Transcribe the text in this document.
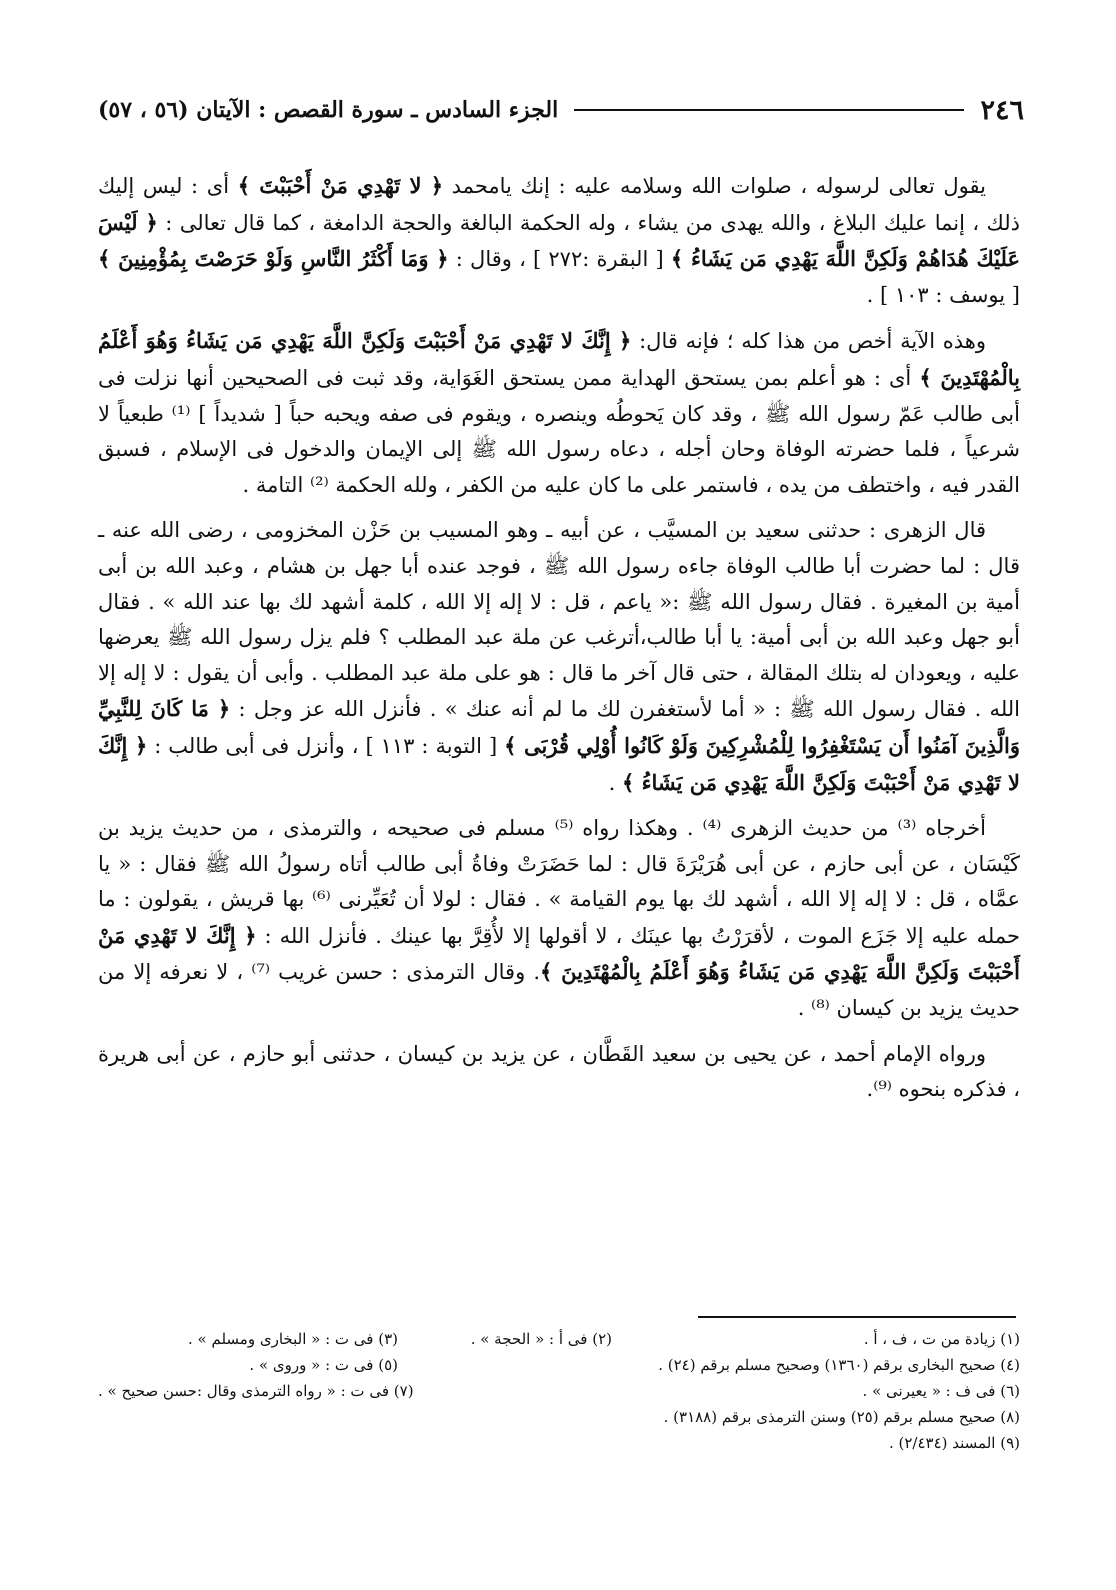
٢٤٦
الجزء السادس ـ سورة القصص : الآيتان (٥٦ ، ٥٧)

يقول تعالى لرسوله ، صلوات الله وسلامه عليه : إنك يامحمد ﴿ لا تَهْدِي مَنْ أَحْبَبْتَ ﴾ أى : ليس إليك ذلك ، إنما عليك البلاغ ، والله يهدى من يشاء ، وله الحكمة البالغة والحجة الدامغة ، كما قال تعالى : ﴿ لَيْسَ عَلَيْكَ هُدَاهُمْ وَلَكِنَّ اللَّهَ يَهْدِي مَن يَشَاءُ ﴾ [ البقرة :٢٧٢ ] ، وقال : ﴿ وَمَا أَكْثَرُ النَّاسِ وَلَوْ حَرَصْتَ بِمُؤْمِنِينَ ﴾ [ يوسف : ١٠٣ ] .

وهذه الآية أخص من هذا كله ؛ فإنه قال: ﴿ إِنَّكَ لا تَهْدِي مَنْ أَحْبَبْتَ وَلَكِنَّ اللَّهَ يَهْدِي مَن يَشَاءُ وَهُوَ أَعْلَمُ بِالْمُهْتَدِينَ ﴾ أى : هو أعلم بمن يستحق الهداية ممن يستحق الغَوَاية، وقد ثبت فى الصحيحين أنها نزلت فى أبى طالب عَمّ رسول الله ﷺ ، وقد كان يَحوطُه وينصره ، ويقوم فى صفه ويحبه حباً [ شديداً ] ⁽¹⁾ طبعياً لا شرعياً ، فلما حضرته الوفاة وحان أجله ، دعاه رسول الله ﷺ إلى الإيمان والدخول فى الإسلام ، فسبق القدر فيه ، واختطف من يده ، فاستمر على ما كان عليه من الكفر ، ولله الحكمة ⁽²⁾ التامة .

قال الزهرى : حدثنى سعيد بن المسيَّب ، عن أبيه ـ وهو المسيب بن حَزْن المخزومى ، رضى الله عنه ـ قال : لما حضرت أبا طالب الوفاة جاءه رسول الله ﷺ ، فوجد عنده أبا جهل بن هشام ، وعبد الله بن أبى أمية بن المغيرة . فقال رسول الله ﷺ :« ياعم ، قل : لا إله إلا الله ، كلمة أشهد لك بها عند الله » . فقال أبو جهل وعبد الله بن أبى أمية: يا أبا طالب،أترغب عن ملة عبد المطلب ؟ فلم يزل رسول الله ﷺ يعرضها عليه ، ويعودان له بتلك المقالة ، حتى قال آخر ما قال : هو على ملة عبد المطلب . وأبى أن يقول : لا إله إلا الله . فقال رسول الله ﷺ : « أما لأستغفرن لك ما لم أنه عنك » . فأنزل الله عز وجل : ﴿ مَا كَانَ لِلنَّبِيِّ وَالَّذِينَ آمَنُوا أَن يَسْتَغْفِرُوا لِلْمُشْرِكِينَ وَلَوْ كَانُوا أُوْلِي قُرْبَى ﴾ [ التوبة : ١١٣ ] ، وأنزل فى أبى طالب : ﴿ إِنَّكَ لا تَهْدِي مَنْ أَحْبَبْتَ وَلَكِنَّ اللَّهَ يَهْدِي مَن يَشَاءُ ﴾ .

أخرجاه ⁽³⁾ من حديث الزهرى ⁽⁴⁾ . وهكذا رواه ⁽⁵⁾ مسلم فى صحيحه ، والترمذى ، من حديث يزيد بن كَيْسَان ، عن أبى حازم ، عن أبى هُرَيْرَةَ قال : لما حَضَرَتْ وفاةُ أبى طالب أتاه رسولُ الله ﷺ فقال : « يا عمَّاه ، قل : لا إله إلا الله ، أشهد لك بها يوم القيامة » . فقال : لولا أن تُعَيِّرنى ⁽⁶⁾ بها قريش ، يقولون : ما حمله عليه إلا جَزَع الموت ، لأقرَرْتُ بها عينَك ، لا أقولها إلا لأُقِرَّ بها عينك . فأنزل الله : ﴿ إِنَّكَ لا تَهْدِي مَنْ أَحْبَبْتَ وَلَكِنَّ اللَّهَ يَهْدِي مَن يَشَاءُ وَهُوَ أَعْلَمُ بِالْمُهْتَدِينَ ﴾. وقال الترمذى : حسن غريب ⁽⁷⁾ ، لا نعرفه إلا من حديث يزيد بن كيسان ⁽⁸⁾ .

ورواه الإمام أحمد ، عن يحيى بن سعيد القَطَّان ، عن يزيد بن كيسان ، حدثنى أبو حازم ، عن أبى هريرة ، فذكره بنحوه ⁽⁹⁾.

(١) زيادة من ت ، ف ، أ .
(٢) فى أ : « الحجة » .
(٣) فى ت : « البخارى ومسلم » .
(٤) صحيح البخارى برقم (١٣٦٠) وصحيح مسلم برقم (٢٤) .
(٥) فى ت : « وروى » .
(٦) فى ف : « يعيرنى » .
(٧) فى ت : « رواه الترمذى وقال :حسن صحيح » .
(٨) صحيح مسلم برقم (٢٥) وسنن الترمذى برقم (٣١٨٨) .
(٩) المسند (٢/٤٣٤) .
